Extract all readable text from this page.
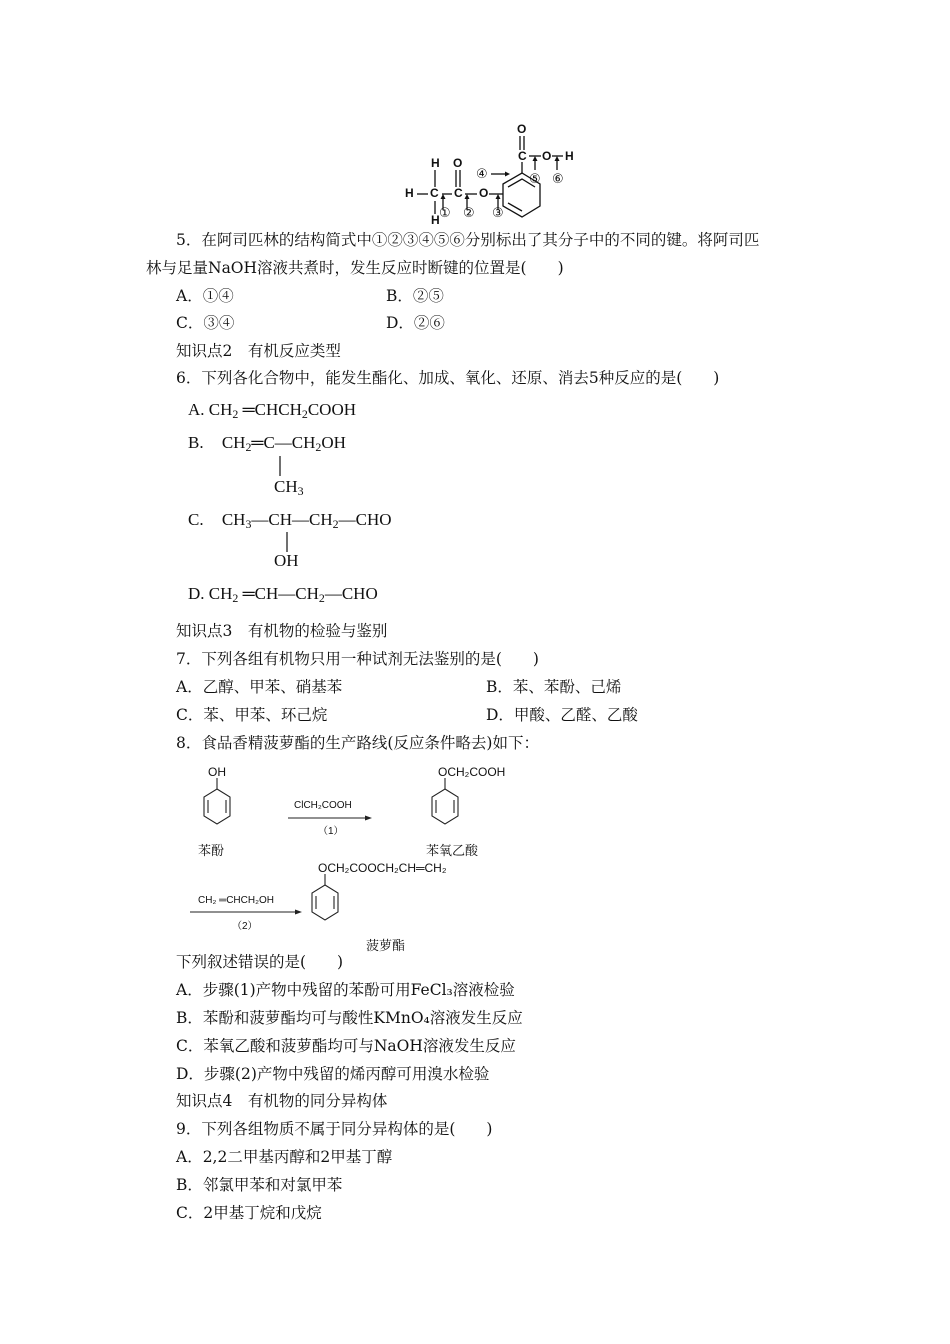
H
H
C
H
O
C O
O
C O H
① ② ③
④	⑤ ⑥
5．在阿司匹林的结构简式中①②③④⑤⑥分别标出了其分子中的不同的键。将阿司匹
林与足量NaOH溶液共煮时，发生反应时断键的位置是(　　)
A．①④	B．②⑤
C．③④	D．②⑥
知识点2　有机反应类型
6．下列各化合物中，能发生酯化、加成、氧化、还原、消去5种反应的是(　　)
A. $CH_2$ $═CHCH_2COOH$
B. $CH_2═C—CH_2OH$
$CH_3$
C. $CH_3—CH—CH_2—CHO$
OH
D. $CH_2$ $═CH—CH_2—CHO$
知识点3　有机物的检验与鉴别
7．下列各组有机物只用一种试剂无法鉴别的是(　　)
A．乙醇、甲苯、硝基苯	B．苯、苯酚、己烯
C．苯、甲苯、环己烷	D．甲酸、乙醛、乙酸
8．食品香精菠萝酯的生产路线(反应条件略去)如下：
OH
苯酚
ClCH₂COOH
（1）
OCH₂COOH
苯氧乙酸
CH₂ ═CHCH₂OH
（2）
OCH₂COOCH₂CH═CH₂
菠萝酯
下列叙述错误的是(　　)
A．步骤(1)产物中残留的苯酚可用FeCl₃溶液检验
B．苯酚和菠萝酯均可与酸性KMnO₄溶液发生反应
C．苯氧乙酸和菠萝酯均可与NaOH溶液发生反应
D．步骤(2)产物中残留的烯丙醇可用溴水检验
知识点4　有机物的同分异构体
9．下列各组物质不属于同分异构体的是(　　)
A．2,2二甲基丙醇和2甲基丁醇
B．邻氯甲苯和对氯甲苯
C．2甲基丁烷和戊烷
